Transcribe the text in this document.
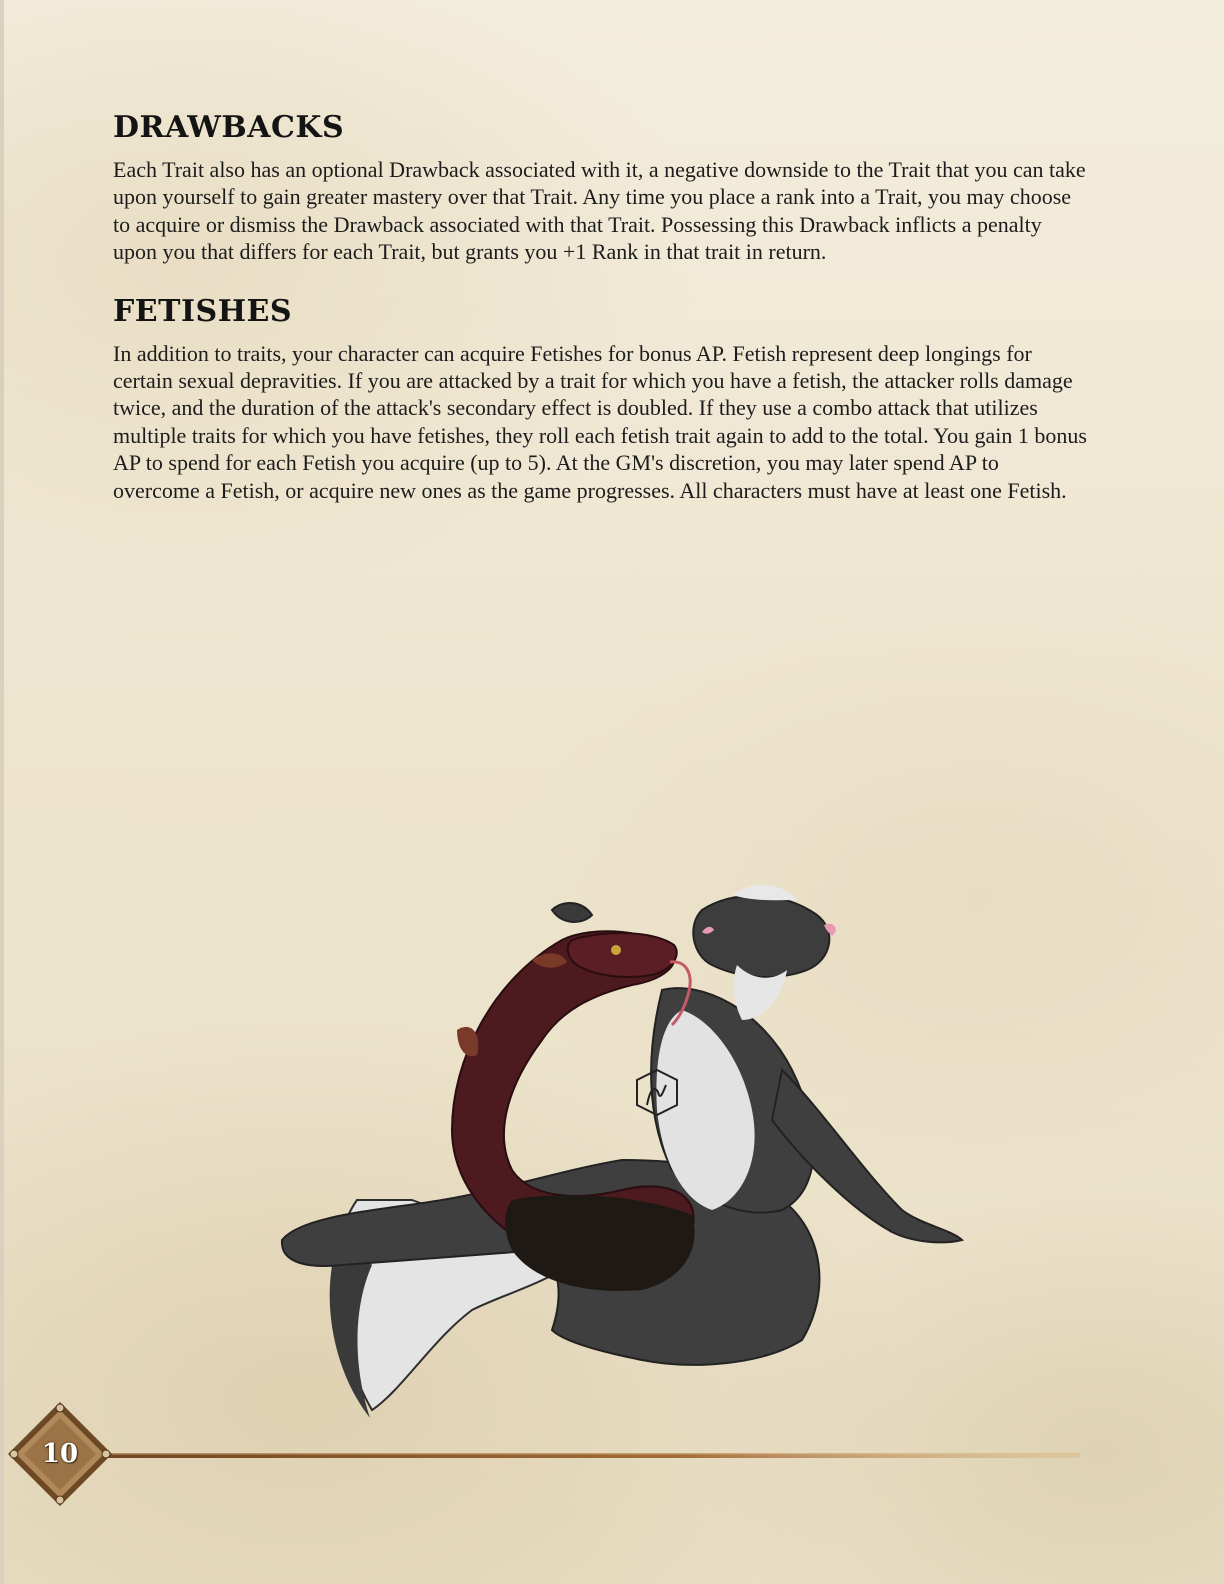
DRAWBACKS

Each Trait also has an optional Drawback associated with it, a negative downside to the Trait that you can take upon yourself to gain greater mastery over that Trait. Any time you place a rank into a Trait, you may choose to acquire or dismiss the Drawback associated with that Trait. Possessing this Drawback inflicts a penalty upon you that differs for each Trait, but grants you +1 Rank in that trait in return.

FETISHES

In addition to traits, your character can acquire Fetishes for bonus AP. Fetish represent deep longings for certain sexual depravities. If you are attacked by a trait for which you have a fetish, the attacker rolls damage twice, and the duration of the attack's secondary effect is doubled. If they use a combo attack that utilizes multiple traits for which you have fetishes, they roll each fetish trait again to add to the total. You gain 1 bonus AP to spend for each Fetish you acquire (up to 5). At the GM's discretion, you may later spend AP to overcome a Fetish, or acquire new ones as the game progresses. All characters must have at least one Fetish.

10
